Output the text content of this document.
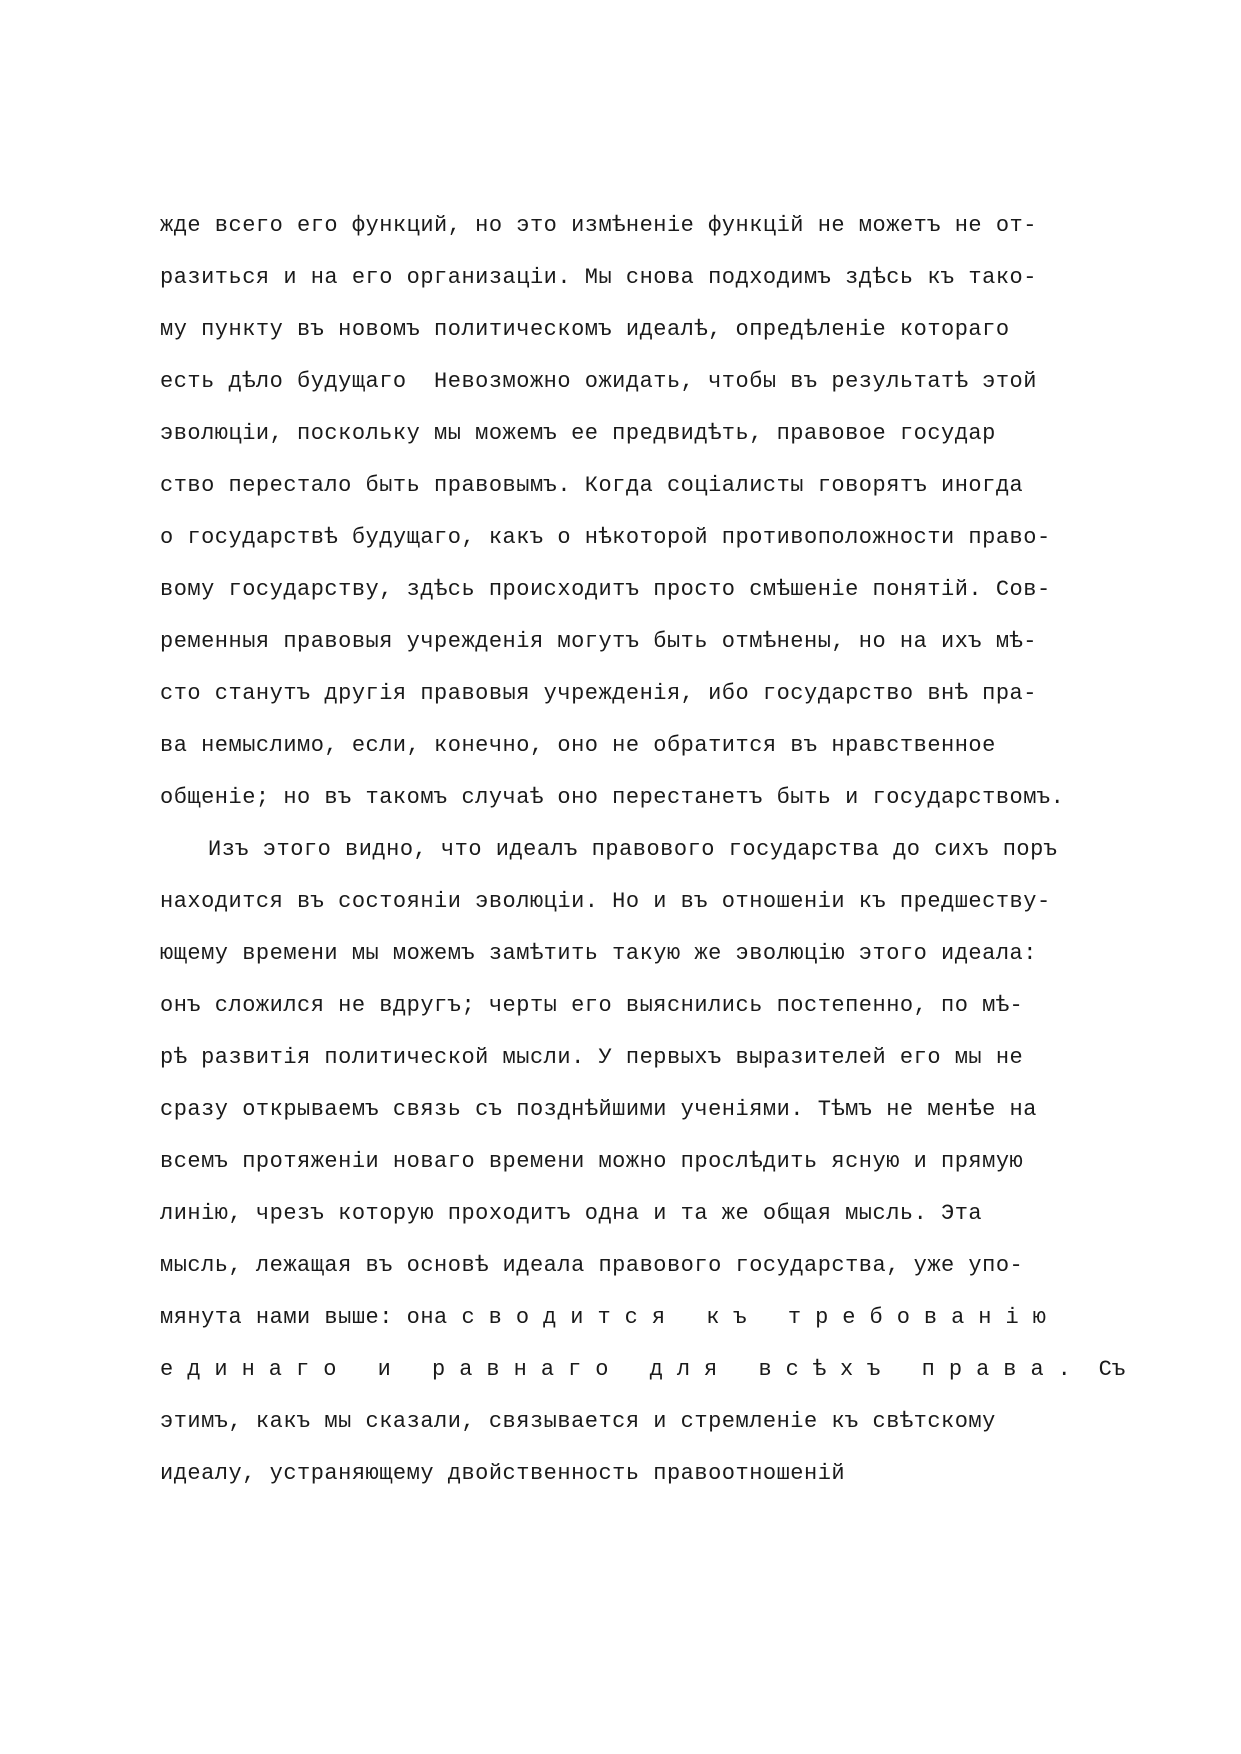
жде всего его функций, но это измѣненіе функцій не можетъ не от-
разиться и на его организаціи. Мы снова подходимъ здѣсь къ тако-
му пункту въ новомъ политическомъ идеалѣ, опредѣленіе котораго
есть дѣло будущаго  Невозможно ожидать, чтобы въ результатѣ этой
эволюціи, поскольку мы можемъ ее предвидѣть, правовое государ
ство перестало быть правовымъ. Когда соціалисты говорятъ иногда
о государствѣ будущаго, какъ о нѣкоторой противоположности право-
вому государству, здѣсь происходитъ просто смѣшеніе понятій. Сов-
ременныя правовыя учрежденія могутъ быть отмѣнены, но на ихъ мѣ-
сто станутъ другія правовыя учрежденія, ибо государство внѣ пра-
ва немыслимо, если, конечно, оно не обратится въ нравственное
общеніе; но въ такомъ случаѣ оно перестанетъ быть и государствомъ.
Изъ этого видно, что идеалъ правового государства до сихъ поръ
находится въ состояніи эволюціи. Но и въ отношеніи къ предшеству-
ющему времени мы можемъ замѣтить такую же эволюцію этого идеала:
онъ сложился не вдругъ; черты его выяснились постепенно, по мѣ-
рѣ развитія политической мысли. У первыхъ выразителей его мы не
сразу открываемъ связь съ позднѣйшими ученіями. Тѣмъ не менѣе на
всемъ протяженіи новаго времени можно прослѣдить ясную и прямую
линію, чрезъ которую проходитъ одна и та же общая мысль. Эта
мысль, лежащая въ основѣ идеала правового государства, уже упо-
мянута нами выше: она сводится къ требованію
единаго и равнаго для всѣхъ права. Съ
этимъ, какъ мы сказали, связывается и стремленіе къ свѣтскому
идеалу, устраняющему двойственность правоотношеній
